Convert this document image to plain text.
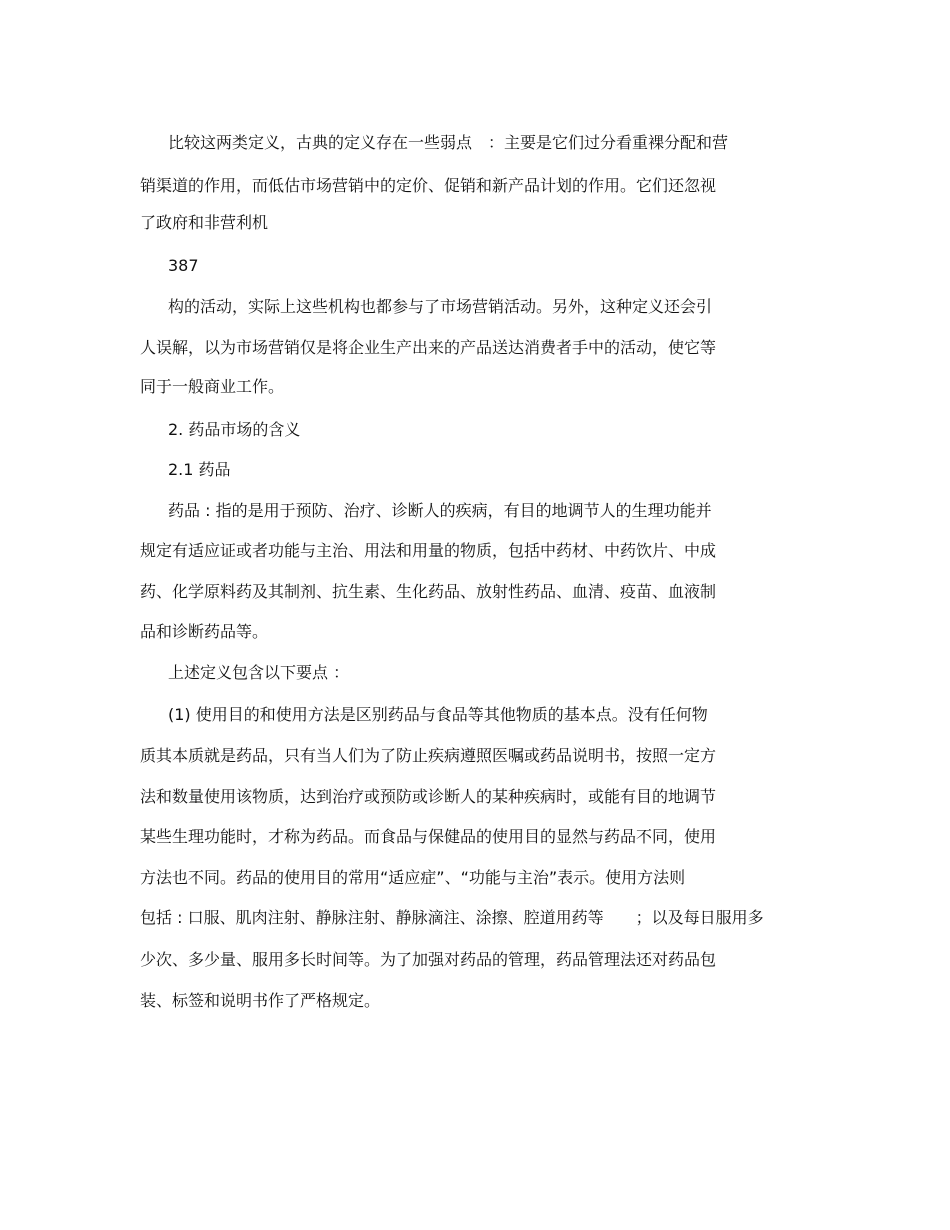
比较这两类定义，古典的定义存在一些弱点　：主要是它们过分看重裸分配和营
销渠道的作用，而低估市场营销中的定价、促销和新产品计划的作用。它们还忽视
了政府和非营利机
387
构的活动，实际上这些机构也都参与了市场营销活动。另外，这种定义还会引
人误解，以为市场营销仅是将企业生产出来的产品送达消费者手中的活动，使它等
同于一般商业工作。
2. 药品市场的含义
2.1 药品
药品 : 指的是用于预防、治疗、诊断人的疾病，有目的地调节人的生理功能并
规定有适应证或者功能与主治、用法和用量的物质，包括中药材、中药饮片、中成
药、化学原料药及其制剂、抗生素、生化药品、放射性药品、血清、疫苗、血液制
品和诊断药品等。
上述定义包含以下要点 ：
(1) 使用目的和使用方法是区别药品与食品等其他物质的基本点。没有任何物
质其本质就是药品，只有当人们为了防止疾病遵照医嘱或药品说明书，按照一定方
法和数量使用该物质，达到治疗或预防或诊断人的某种疾病时，或能有目的地调节
某些生理功能时，才称为药品。而食品与保健品的使用目的显然与药品不同，使用
方法也不同。药品的使用目的常用“适应症”、“功能与主治”表示。使用方法则
包括 : 口服、肌肉注射、静脉注射、静脉滴注、涂擦、腔道用药等　　；以及每日服用多
少次、多少量、服用多长时间等。为了加强对药品的管理，药品管理法还对药品包
装、标签和说明书作了严格规定。
